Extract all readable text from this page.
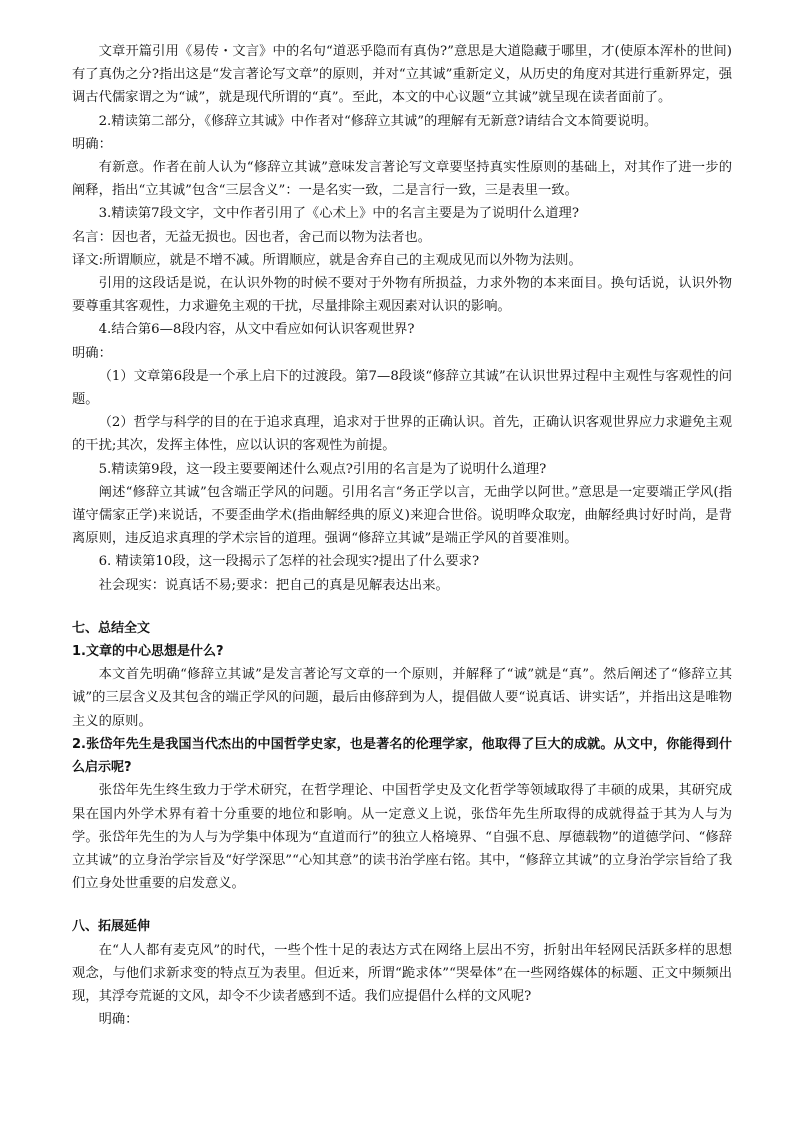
文章开篇引用《易传・文言》中的名句“道恶乎隐而有真伪?”意思是大道隐藏于哪里，才(使原本浑朴的世间)有了真伪之分?指出这是“发言著论写文章”的原则，并对“立其诚”重新定义，从历史的角度对其进行重新界定，强调古代儒家谓之为“诚”，就是现代所谓的“真”。至此，本文的中心议题“立其诚”就呈现在读者面前了。

2.精读第二部分，《修辞立其诚》中作者对“修辞立其诚”的理解有无新意?请结合文本简要说明。

明确：

有新意。作者在前人认为“修辞立其诚”意味发言著论写文章要坚持真实性原则的基础上，对其作了进一步的阐释，指出“立其诚”包含“三层含义”：一是名实一致，二是言行一致，三是表里一致。

3.精读第7段文字，文中作者引用了《心术上》中的名言主要是为了说明什么道理?

名言：因也者，无益无损也。因也者，舍己而以物为法者也。

译文:所谓顺应，就是不增不减。所谓顺应，就是舍弃自己的主观成见而以外物为法则。

引用的这段话是说，在认识外物的时候不要对于外物有所损益，力求外物的本来面目。换句话说，认识外物要尊重其客观性，力求避免主观的干扰，尽量排除主观因素对认识的影响。

4.结合第6—8段内容，从文中看应如何认识客观世界?

明确：

（1）文章第6段是一个承上启下的过渡段。第7—8段谈“修辞立其诚”在认识世界过程中主观性与客观性的问题。

（2）哲学与科学的目的在于追求真理，追求对于世界的正确认识。首先，正确认识客观世界应力求避免主观的干扰;其次，发挥主体性，应以认识的客观性为前提。

5.精读第9段，这一段主要要阐述什么观点?引用的名言是为了说明什么道理?

阐述“修辞立其诚”包含端正学风的问题。引用名言“务正学以言，无曲学以阿世。”意思是一定要端正学风(指谨守儒家正学)来说话，不要歪曲学术(指曲解经典的原义)来迎合世俗。说明哗众取宠，曲解经典讨好时尚，是背离原则，违反追求真理的学术宗旨的道理。强调“修辞立其诚”是端正学风的首要准则。

6. 精读第10段，这一段揭示了怎样的社会现实?提出了什么要求?

社会现实：说真话不易;要求：把自己的真是见解表达出来。

七、总结全文

1.文章的中心思想是什么?

本文首先明确“修辞立其诚”是发言著论写文章的一个原则，并解释了“诚”就是“真”。然后阐述了“修辞立其诚”的三层含义及其包含的端正学风的问题，最后由修辞到为人，提倡做人要“说真话、讲实话”，并指出这是唯物主义的原则。

2.张岱年先生是我国当代杰出的中国哲学史家，也是著名的伦理学家，他取得了巨大的成就。从文中，你能得到什么启示呢?

张岱年先生终生致力于学术研究，在哲学理论、中国哲学史及文化哲学等领域取得了丰硕的成果，其研究成果在国内外学术界有着十分重要的地位和影响。从一定意义上说，张岱年先生所取得的成就得益于其为人与为学。张岱年先生的为人与为学集中体现为“直道而行”的独立人格境界、“自强不息、厚德载物”的道德学问、“修辞立其诚”的立身治学宗旨及“好学深思”“心知其意”的读书治学座右铭。其中，“修辞立其诚”的立身治学宗旨给了我们立身处世重要的启发意义。

八、拓展延伸

在“人人都有麦克风”的时代，一些个性十足的表达方式在网络上层出不穷，折射出年轻网民活跃多样的思想观念，与他们求新求变的特点互为表里。但近来，所谓“跪求体”“哭晕体”在一些网络媒体的标题、正文中频频出现，其浮夸荒诞的文风，却令不少读者感到不适。我们应提倡什么样的文风呢?

明确：
